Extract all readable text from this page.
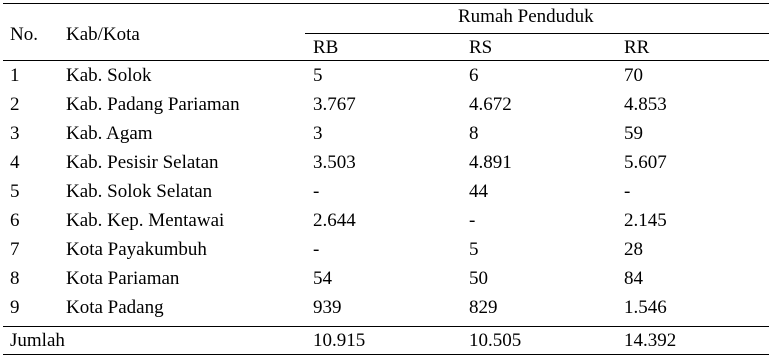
No. Kab/Kota
Rumah Penduduk
RB	RS	RR
1 Kab. Solok	5	6	70
2 Kab. Padang Pariaman	3.767	4.672	4.853
3 Kab. Agam	3	8	59
4 Kab. Pesisir Selatan	3.503	4.891	5.607
5 Kab. Solok Selatan	-	44	-
6 Kab. Kep. Mentawai	2.644	-	2.145
7 Kota Payakumbuh	-	5	28
8 Kota Pariaman	54	50	84
9 Kota Padang	939	829	1.546
Jumlah	10.915	10.505	14.392
